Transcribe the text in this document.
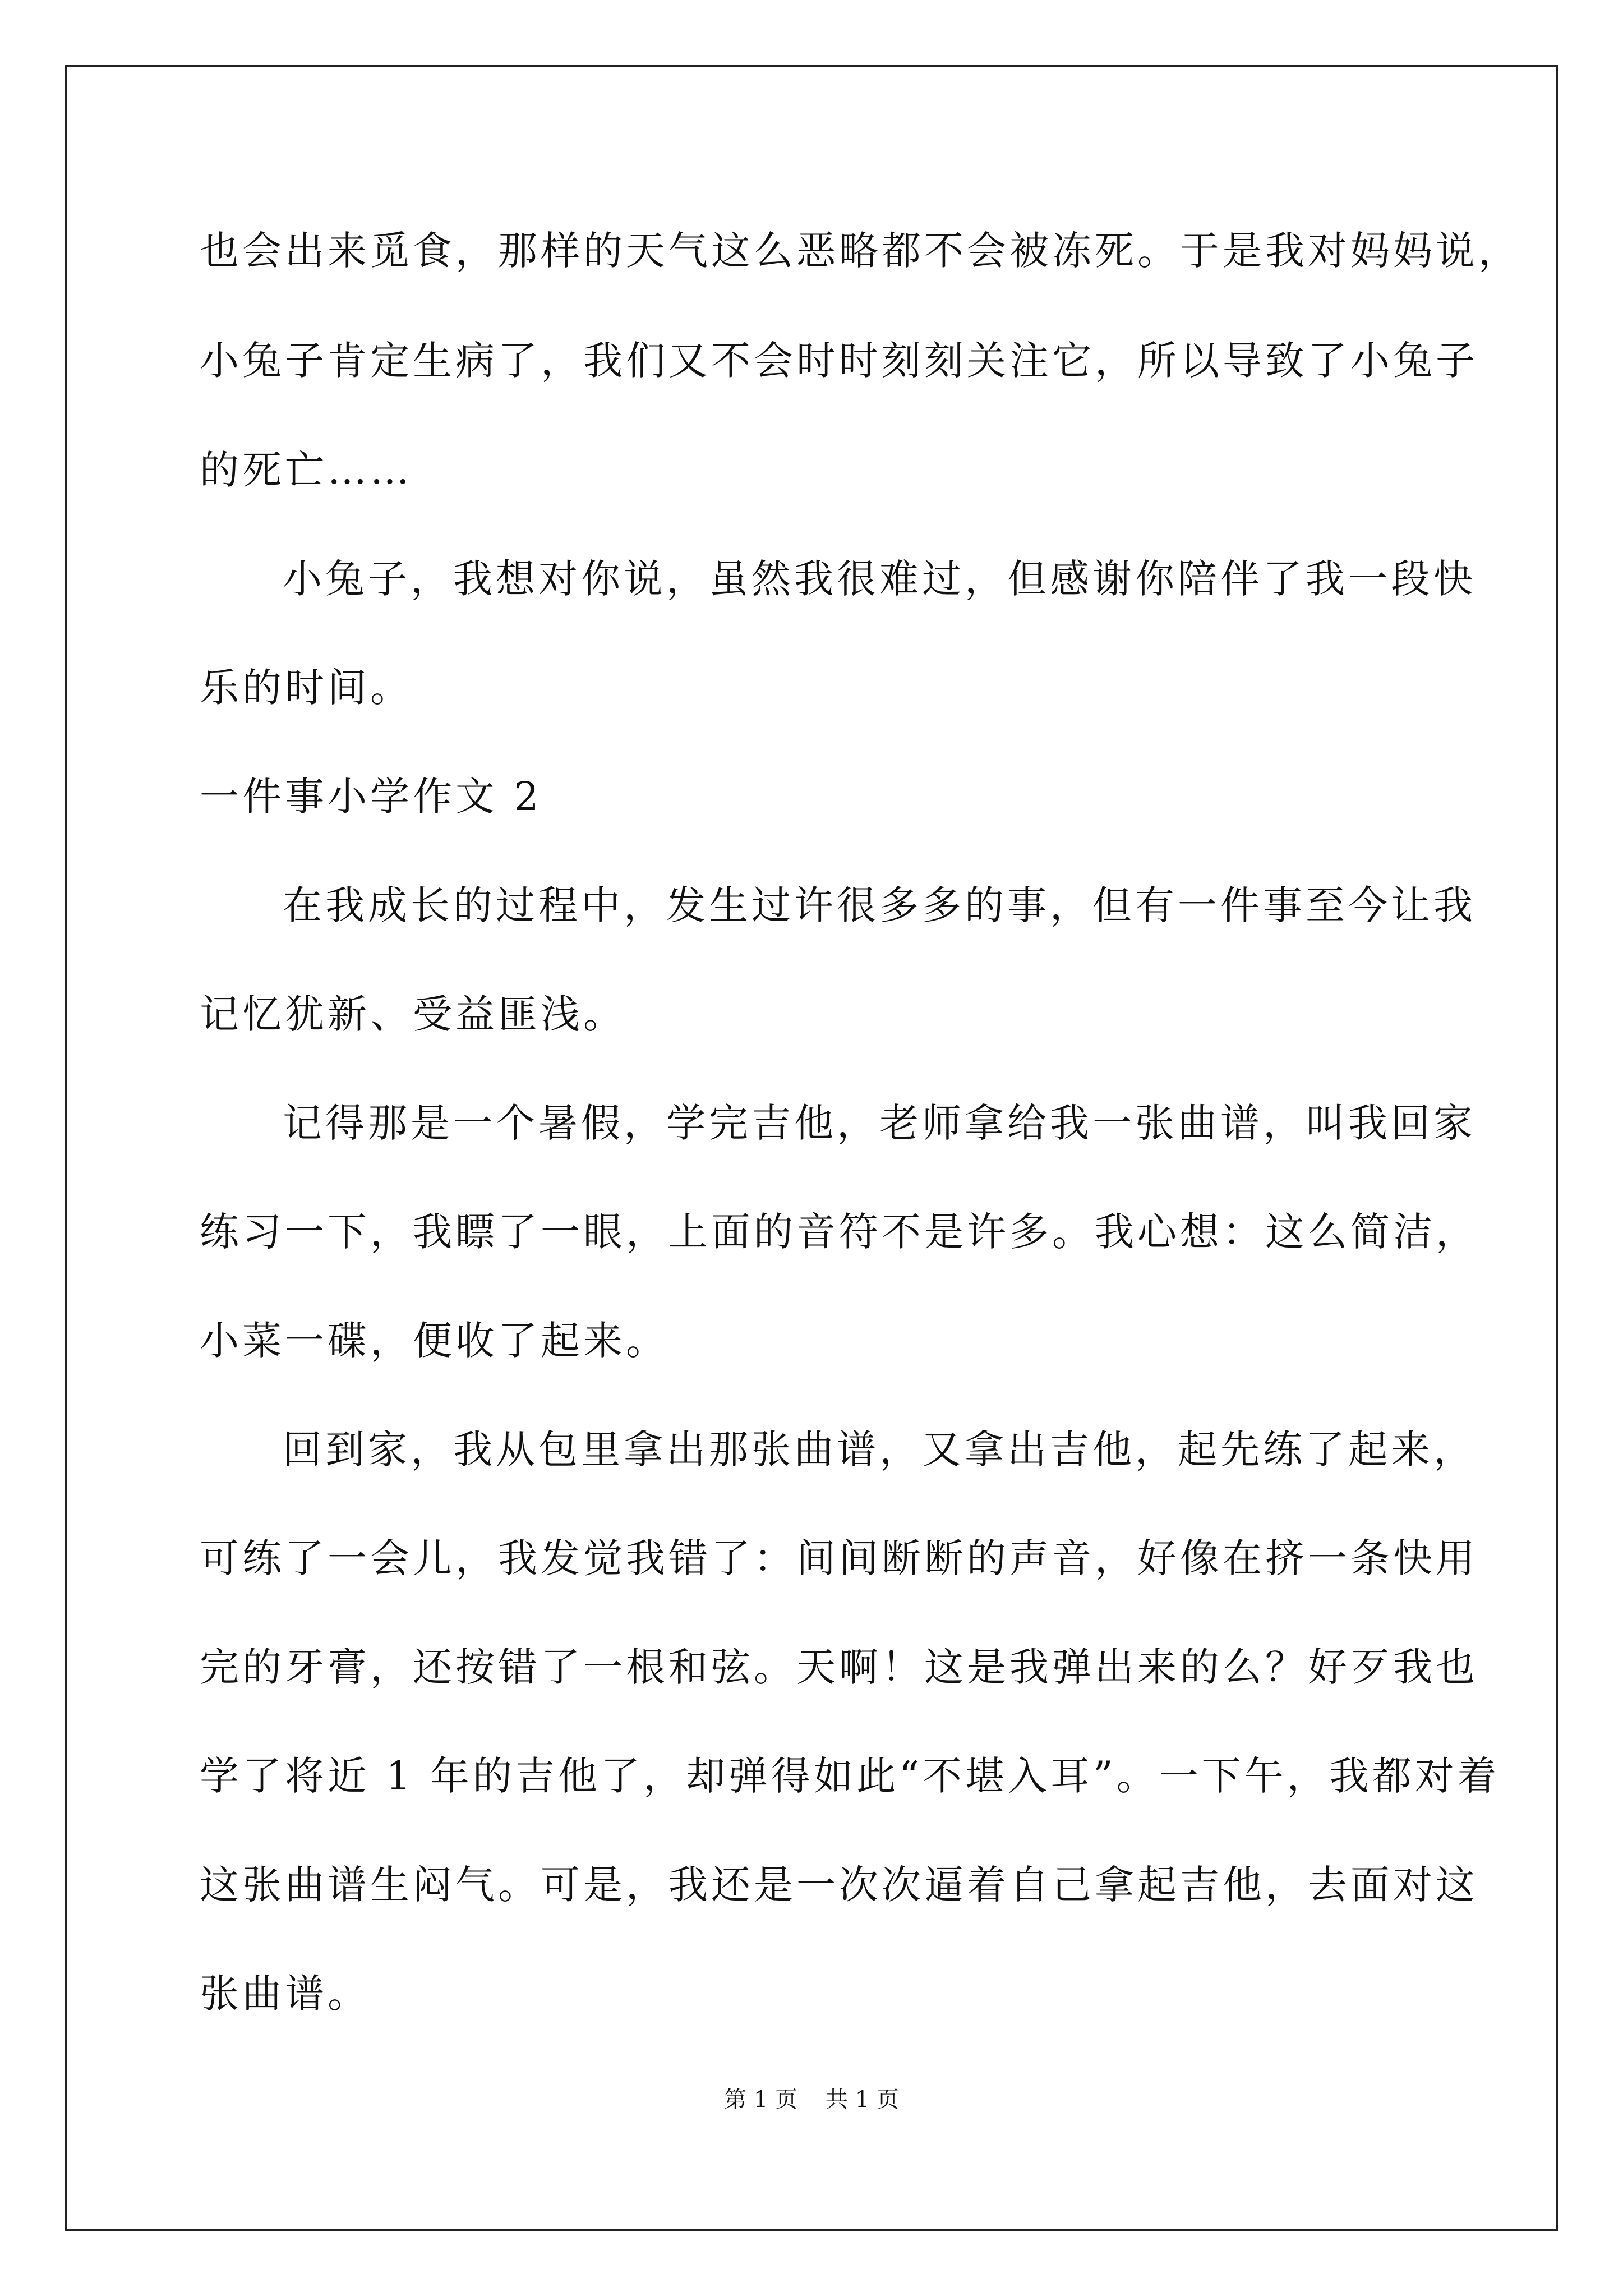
也会出来觅食，那样的天气这么恶略都不会被冻死。于是我对妈妈说，
小兔子肯定生病了，我们又不会时时刻刻关注它，所以导致了小兔子
的死亡……
小兔子，我想对你说，虽然我很难过，但感谢你陪伴了我一段快
乐的时间。
一件事小学作文 2
在我成长的过程中，发生过许很多多的事，但有一件事至今让我
记忆犹新、受益匪浅。
记得那是一个暑假，学完吉他，老师拿给我一张曲谱，叫我回家
练习一下，我瞟了一眼，上面的音符不是许多。我心想：这么简洁，
小菜一碟，便收了起来。
回到家，我从包里拿出那张曲谱，又拿出吉他，起先练了起来，
可练了一会儿，我发觉我错了：间间断断的声音，好像在挤一条快用
完的牙膏，还按错了一根和弦。天啊！这是我弹出来的么？好歹我也
学了将近 1 年的吉他了，却弹得如此“不堪入耳”。一下午，我都对着
这张曲谱生闷气。可是，我还是一次次逼着自己拿起吉他，去面对这
张曲谱。
第 1 页 共 1 页
